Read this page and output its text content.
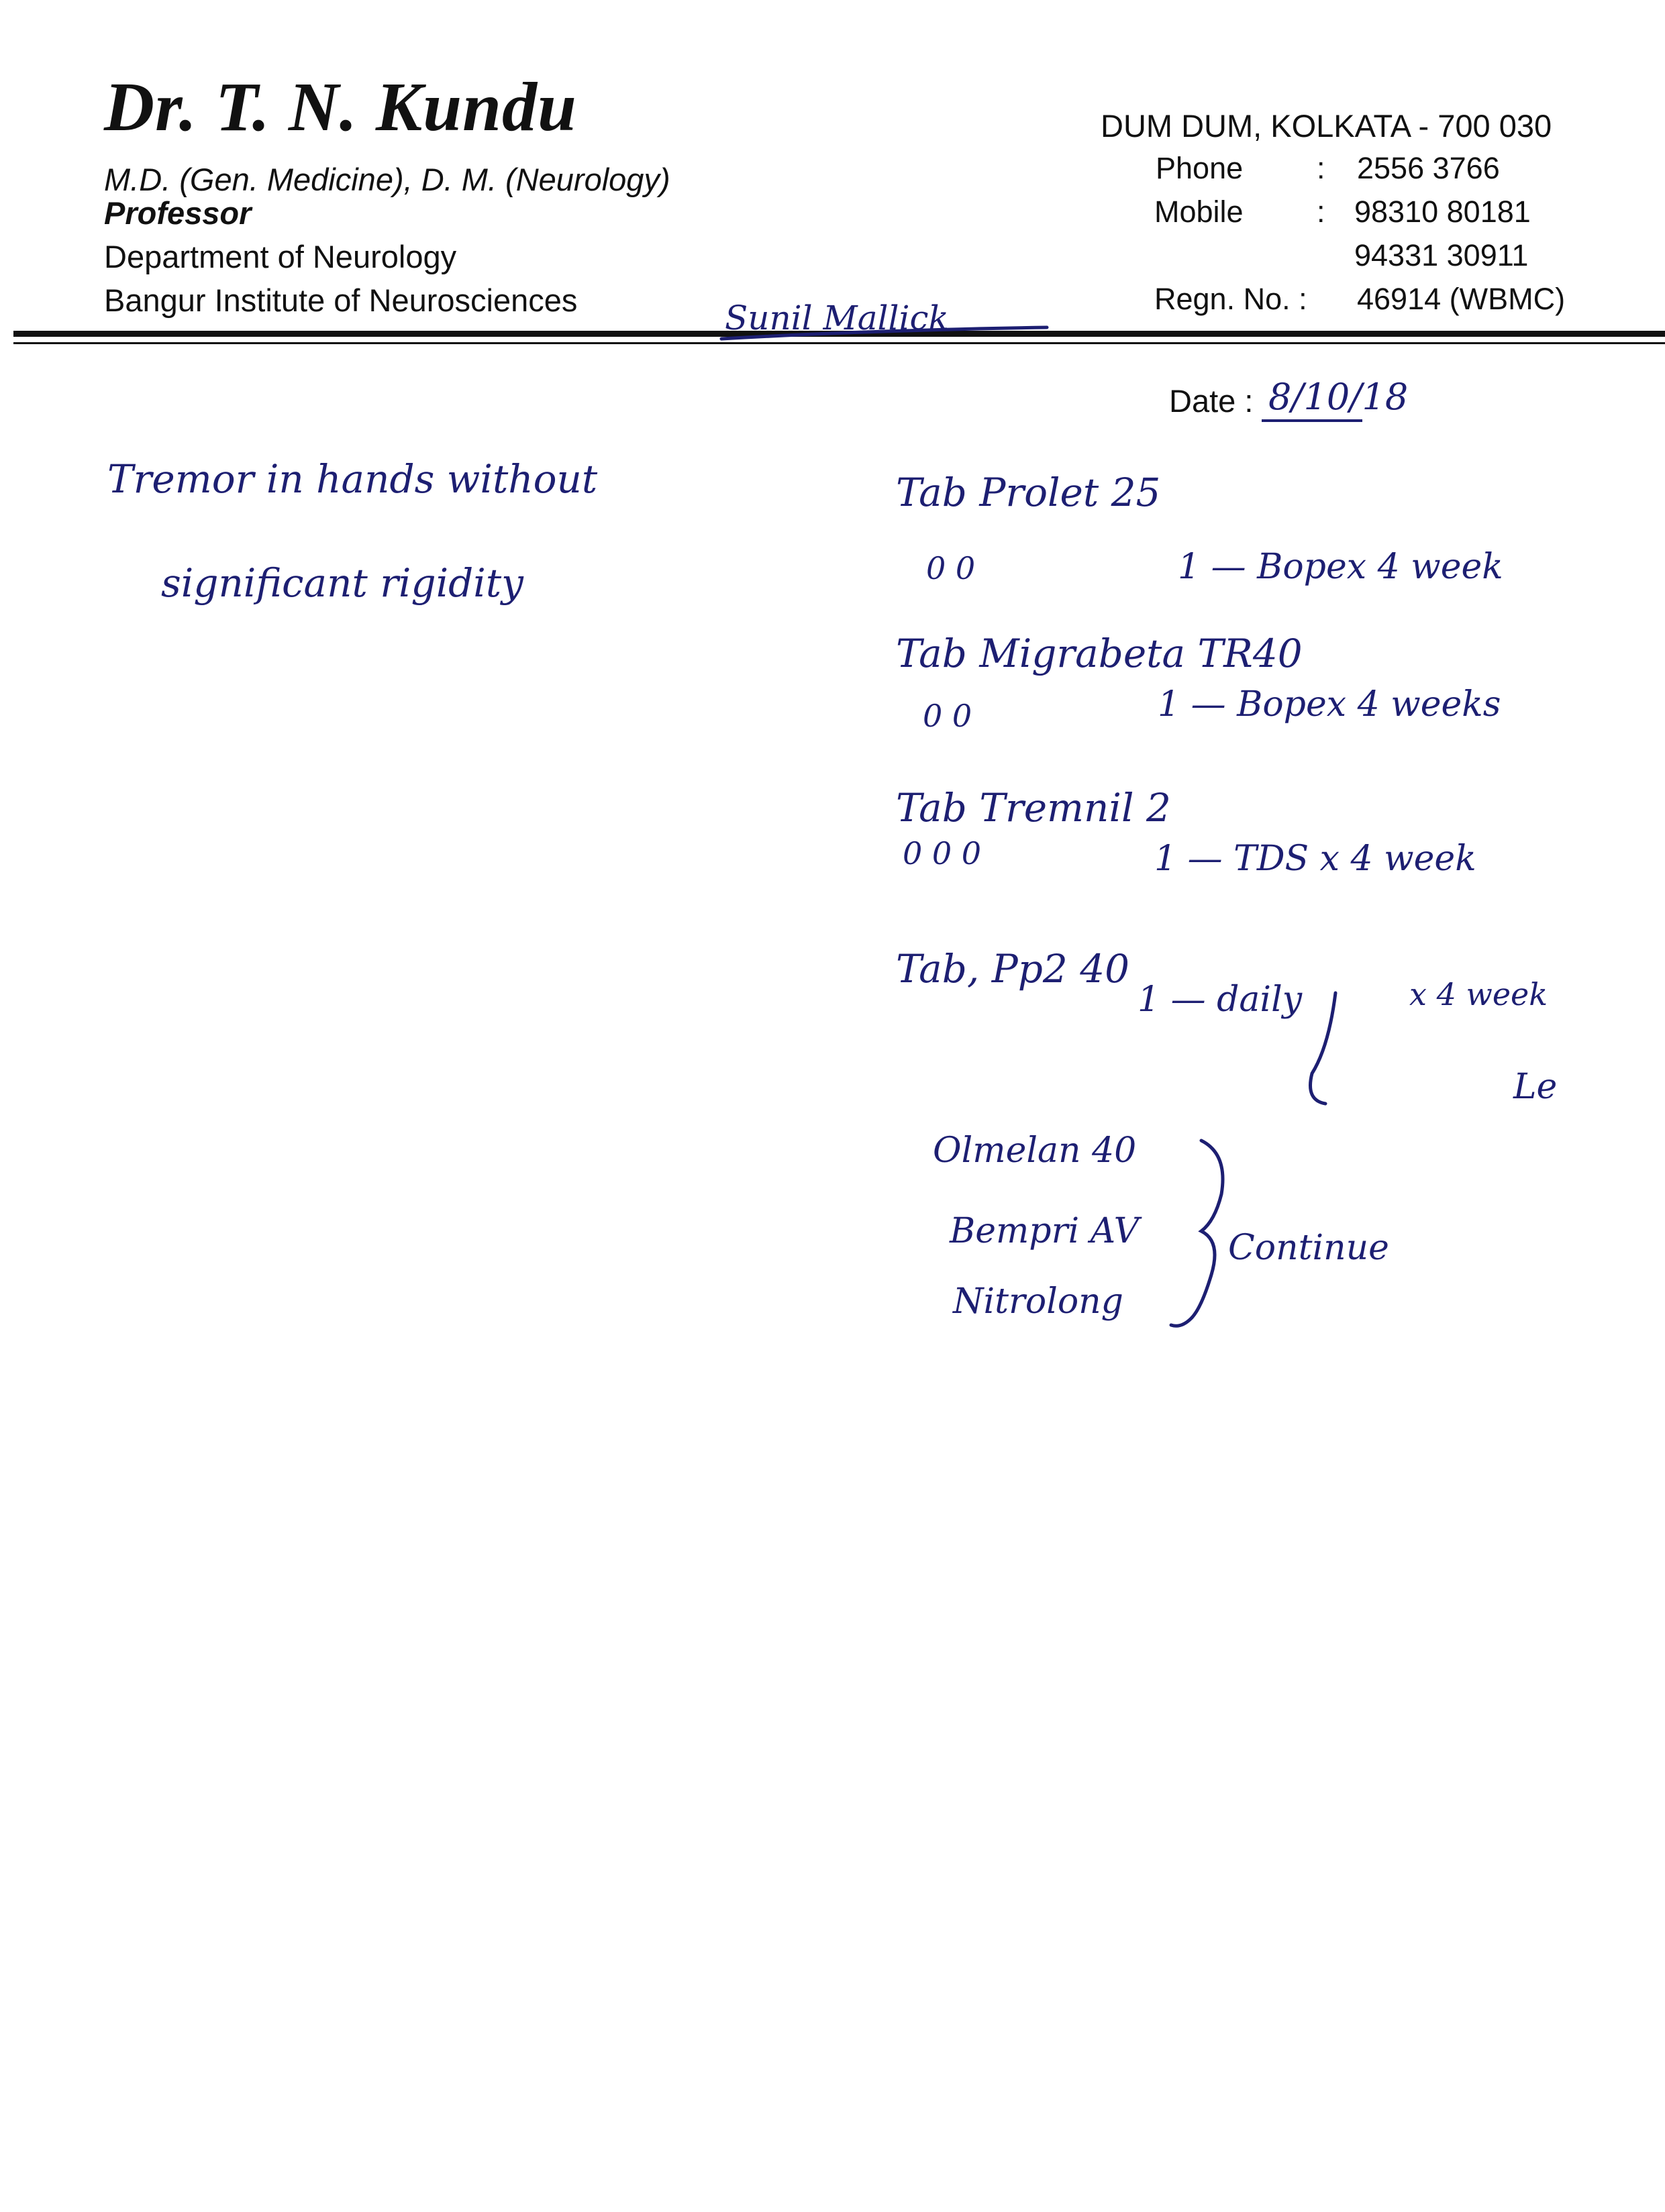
Dr. T. N. Kundu
M.D. (Gen. Medicine), D. M. (Neurology)
Professor
Department of Neurology
Bangur Institute of Neurosciences
DUM DUM, KOLKATA - 700 030
Phone : 2556 3766
Mobile : 98310 80181
94331 30911
Regn. No. : 46914 (WBMC)
Date :
Sunil Mallick
8/10/18
Tremor in hands without
significant rigidity
Tab Prolet 25
0 0	1 — Bopex 4 week
Tab Migrabeta TR40
0 0	1 — Bopex 4 weeks
Tab Tremnil 2
0 0 0	1 — TDS x 4 week
Tab, Pp2 40
1 — daily	x 4 week
Le
Olmelan 40
Bempri AV
Nitrolong
Continue
